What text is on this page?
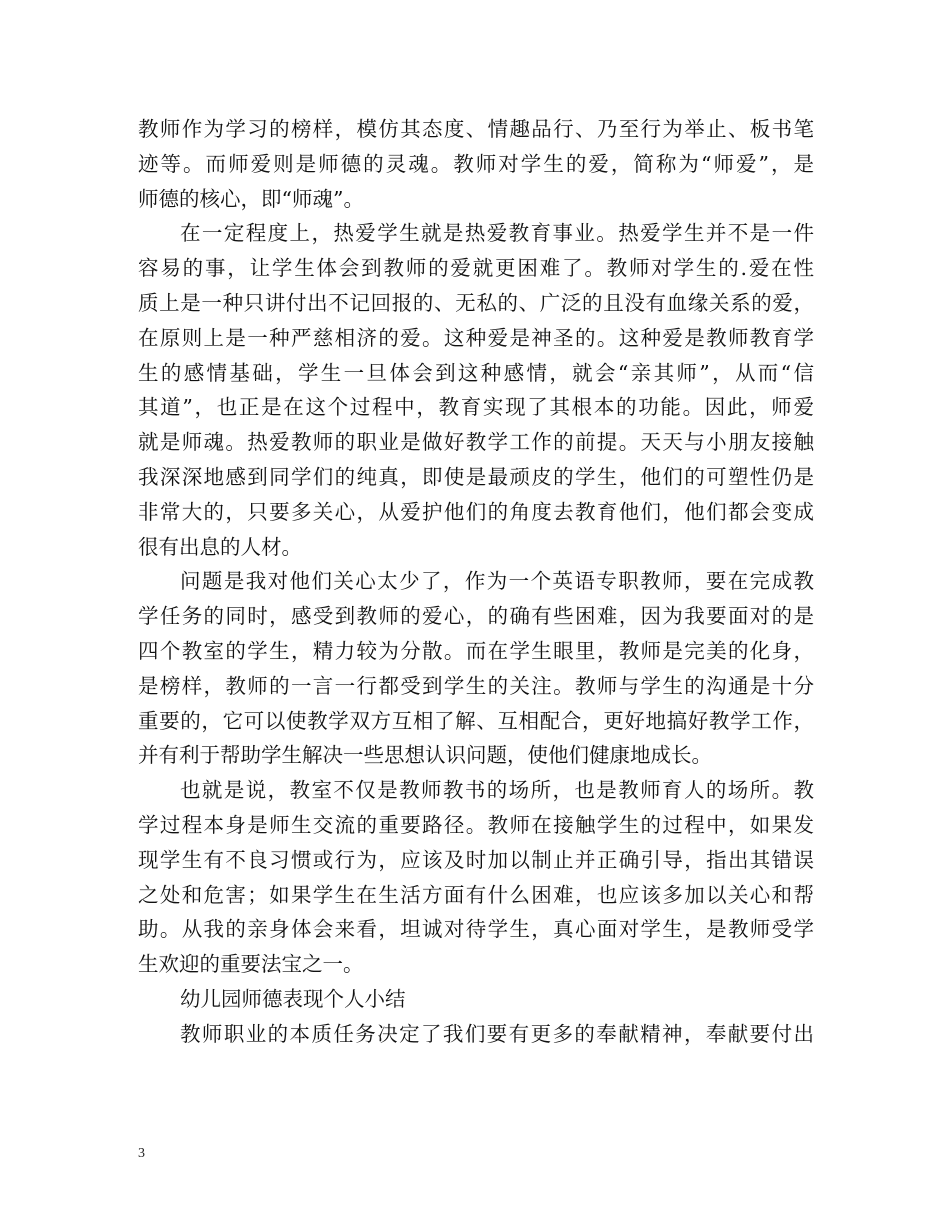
教师作为学习的榜样，模仿其态度、情趣品行、乃至行为举止、板书笔
迹等。而师爱则是师德的灵魂。教师对学生的爱，简称为“师爱”，是
师德的核心，即“师魂”。
在一定程度上，热爱学生就是热爱教育事业。热爱学生并不是一件
容易的事，让学生体会到教师的爱就更困难了。教师对学生的.爱在性
质上是一种只讲付出不记回报的、无私的、广泛的且没有血缘关系的爱，
在原则上是一种严慈相济的爱。这种爱是神圣的。这种爱是教师教育学
生的感情基础，学生一旦体会到这种感情，就会“亲其师”，从而“信
其道”，也正是在这个过程中，教育实现了其根本的功能。因此，师爱
就是师魂。热爱教师的职业是做好教学工作的前提。天天与小朋友接触
我深深地感到同学们的纯真，即使是最顽皮的学生，他们的可塑性仍是
非常大的，只要多关心，从爱护他们的角度去教育他们，他们都会变成
很有出息的人材。
问题是我对他们关心太少了，作为一个英语专职教师，要在完成教
学任务的同时，感受到教师的爱心，的确有些困难，因为我要面对的是
四个教室的学生，精力较为分散。而在学生眼里，教师是完美的化身，
是榜样，教师的一言一行都受到学生的关注。教师与学生的沟通是十分
重要的，它可以使教学双方互相了解、互相配合，更好地搞好教学工作，
并有利于帮助学生解决一些思想认识问题，使他们健康地成长。
也就是说，教室不仅是教师教书的场所，也是教师育人的场所。教
学过程本身是师生交流的重要路径。教师在接触学生的过程中，如果发
现学生有不良习惯或行为，应该及时加以制止并正确引导，指出其错误
之处和危害；如果学生在生活方面有什么困难，也应该多加以关心和帮
助。从我的亲身体会来看，坦诚对待学生，真心面对学生，是教师受学
生欢迎的重要法宝之一。
幼儿园师德表现个人小结
教师职业的本质任务决定了我们要有更多的奉献精神，奉献要付出
3
